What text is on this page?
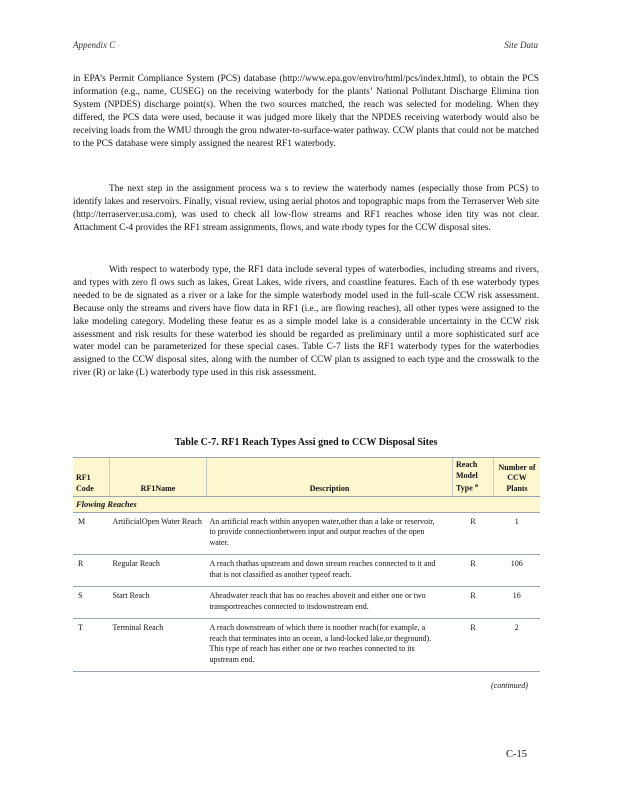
Appendix C	Site Data

in EPA’s Permit Compliance System (PCS) database (http://www.epa.gov/enviro/html/pcs/index.html), to obtain the PCS information (e.g., name, CUSEG) on the receiving waterbody for the plants’ National Pollutant Discharge Elimina tion System (NPDES) discharge point(s). When the two sources matched, the reach was selected for modeling. When they differed, the PCS data were used, because it was judged more likely that the NPDES receiving waterbody would also be receiving loads from the WMU through the grou ndwater-to-surface-water pathway. CCW plants that could not be matched to the PCS database were simply assigned the nearest RF1 waterbody.

The next step in the assignment process wa s to review the waterbody names (especially those from PCS) to identify lakes and reservoirs. Finally, visual review, using aerial photos and topographic maps from the Terraserver Web site (http://terraserver.usa.com), was used to check all low-flow streams and RF1 reaches whose iden tity was not clear. Attachment C-4 provides the RF1 stream assignments, flows, and wate rbody types for the CCW disposal sites.

With respect to waterbody type, the RF1 data include several types of waterbodies, including streams and rivers, and types with zero fl ows such as lakes, Great Lakes, wide rivers, and coastline features. Each of th ese waterbody types needed to be de signated as a river or a lake for the simple waterbody model used in the full-scale CCW risk assessment. Because only the streams and rivers have flow data in RF1 (i.e., are flowing reaches), all other types were assigned to the lake modeling category. Modeling these featur es as a simple model lake is a considerable uncertainty in the CCW risk assessment and risk results for these waterbod ies should be regarded as preliminary until a more sophisticated surf ace water model can be parameterized for these special cases. Table C-7 lists the RF1 waterbody types for the waterbodies assigned to the CCW disposal sites, along with the number of CCW plan ts assigned to each type and the crosswalk to the river (R) or lake (L) waterbody type used in this risk assessment.

Table C-7. RF1 Reach Types Assi gned to CCW Disposal Sites
RF1 Code	RF1Name	Description	Reach Model Type $^a$	Number of CCW Plants
Flowing Reaches				
M	ArtificialOpen Water Reach	An artificial reach within anyopen water,other than a lake or reservoir, to provide connectionbetween input and output reaches of the open water.	R	1
R	Regular Reach	A reach thathas upstream and down stream reaches connected to it and that is not classified as another typeof reach.	R	106
S	Start Reach	Aheadwater reach that has no reaches aboveit and either one or two transportreaches connected to itsdownstream end.	R	16
T	Terminal Reach	A reach downstream of which there is noother reach(for example, a reach that terminates into an ocean, a land-locked lake,or theground). This type of reach has either one or two reaches connected to its upstream end.	R	2
(continued)
C-15
